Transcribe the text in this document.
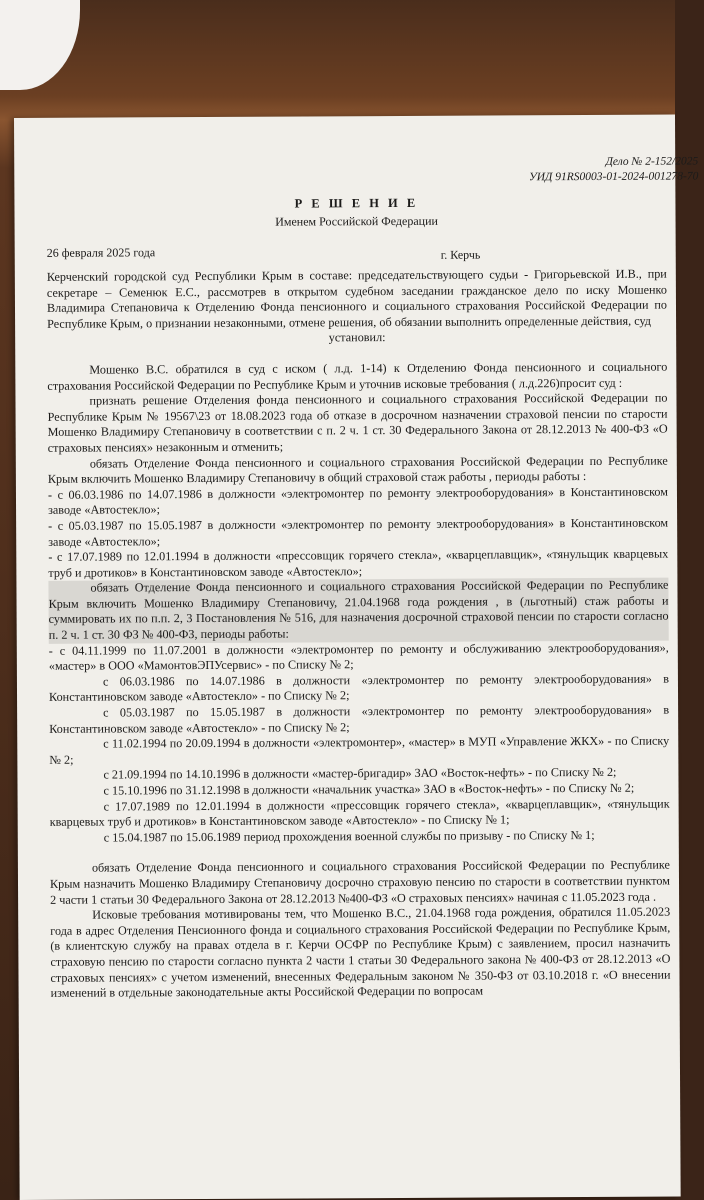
Дело № 2-152/2025
УИД 91RS0003-01-2024-001278-70
Р Е Ш Е Н И Е
Именем Российской Федерации
26 февраля 2025 года	г. Керчь

Керченский городской суд Республики Крым в составе: председательствующего судьи - Григорьевской И.В., при секретаре – Семенюк Е.С., рассмотрев в открытом судебном заседании гражданское дело по иску Мошенко Владимира Степановича к Отделению Фонда пенсионного и социального страхования Российской Федерации по Республике Крым, о признании незаконными, отмене решения, об обязании выполнить определенные действия, суд

установил:

Мошенко В.С. обратился в суд с иском ( л.д. 1-14) к Отделению Фонда пенсионного и социального страхования Российской Федерации по Республике Крым и уточнив исковые требования ( л.д.226)просит суд :

признать решение Отделения фонда пенсионного и социального страхования Российской Федерации по Республике Крым № 19567\23 от 18.08.2023 года об отказе в досрочном назначении страховой пенсии по старости Мошенко Владимиру Степановичу в соответствии с п. 2 ч. 1 ст. 30 Федерального Закона от 28.12.2013 № 400-ФЗ «О страховых пенсиях» незаконным и отменить;

обязать Отделение Фонда пенсионного и социального страхования Российской Федерации по Республике Крым включить Мошенко Владимиру Степановичу в общий страховой стаж работы , периоды работы :

- с 06.03.1986 по 14.07.1986 в должности «электромонтер по ремонту электрооборудования» в Константиновском заводе «Автостекло»;

- с 05.03.1987 по 15.05.1987 в должности «электромонтер по ремонту электрооборудования» в Константиновском заводе «Автостекло»;

- с 17.07.1989 по 12.01.1994 в должности «прессовщик горячего стекла», «кварцеплавщик», «тянульщик кварцевых труб и дротиков» в Константиновском заводе «Автостекло»;

обязать Отделение Фонда пенсионного и социального страхования Российской Федерации по Республике Крым включить Мошенко Владимиру Степановичу, 21.04.1968 года рождения , в (льготный) стаж работы и суммировать их по п.п. 2, 3 Постановления № 516, для назначения досрочной страховой пенсии по старости согласно п. 2 ч. 1 ст. 30 ФЗ № 400-ФЗ, периоды работы:

- с 04.11.1999 по 11.07.2001 в должности «электромонтер по ремонту и обслуживанию электрооборудования», «мастер» в ООО «МамонтовЭПУсервис» - по Списку № 2;

с 06.03.1986 по 14.07.1986 в должности «электромонтер по ремонту электрооборудования» в Константиновском заводе «Автостекло» - по Списку № 2;

с 05.03.1987 по 15.05.1987 в должности «электромонтер по ремонту электрооборудования» в Константиновском заводе «Автостекло» - по Списку № 2;

с 11.02.1994 по 20.09.1994 в должности «электромонтер», «мастер» в МУП «Управление ЖКХ» - по Списку № 2;

с 21.09.1994 по 14.10.1996 в должности «мастер-бригадир» ЗАО «Восток-нефть» - по Списку № 2;

с 15.10.1996 по 31.12.1998 в должности «начальник участка» ЗАО в «Восток-нефть» - по Списку № 2;

с 17.07.1989 по 12.01.1994 в должности «прессовщик горячего стекла», «кварцеплавщик», «тянульщик кварцевых труб и дротиков» в Константиновском заводе «Автостекло» - по Списку № 1;

с 15.04.1987 по 15.06.1989 период прохождения военной службы по призыву - по Списку № 1;

обязать Отделение Фонда пенсионного и социального страхования Российской Федерации по Республике Крым назначить Мошенко Владимиру Степановичу досрочно страховую пенсию по старости в соответствии пунктом 2 части 1 статьи 30 Федерального Закона от 28.12.2013 №400-ФЗ «О страховых пенсиях» начиная с 11.05.2023 года .

Исковые требования мотивированы тем, что Мошенко В.С., 21.04.1968 года рождения, обратился 11.05.2023 года в адрес Отделения Пенсионного фонда и социального страхования Российской Федерации по Республике Крым, (в клиентскую службу на правах отдела в г. Керчи ОСФР по Республике Крым) с заявлением, просил назначить страховую пенсию по старости согласно пункта 2 части 1 статьи 30 Федерального закона № 400-ФЗ от 28.12.2013 «О страховых пенсиях» с учетом изменений, внесенных Федеральным законом № 350-ФЗ от 03.10.2018 г. «О внесении изменений в отдельные законодательные акты Российской Федерации по вопросам
